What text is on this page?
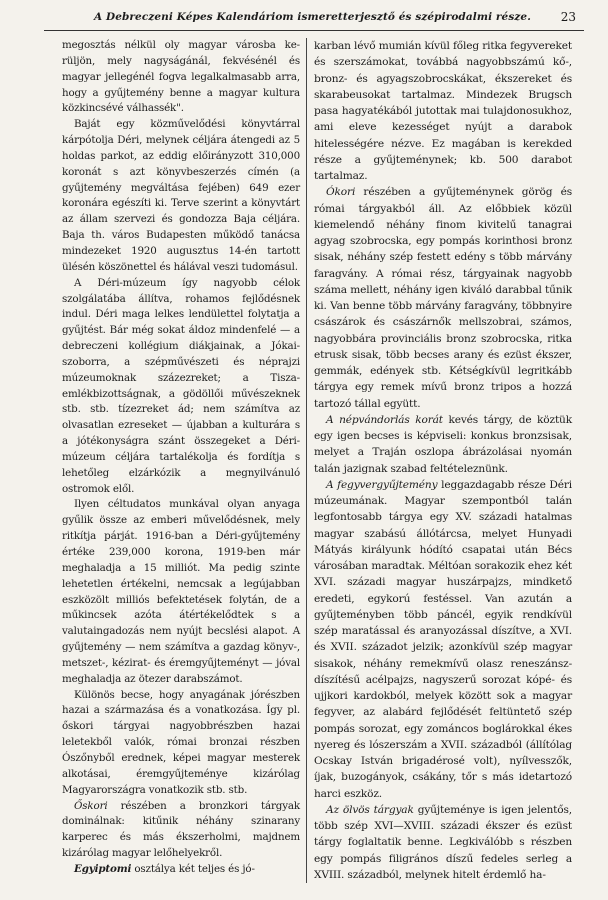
A Debreczeni Képes Kalendáriom ismeretterjesztő és szépirodalmi része. 23

megosztás nélkül oly magyar városba ke- rüljön, mely nagyságánál, fekvésénél és magyar jellegénél fogva legalkalmasabb arra, hogy a gyűjtemény benne a magyar kultura közkincsévé válhassék".

Baját egy közművelődési könyvtárral kárpótolja Déri, melynek céljára átengedi az 5 holdas parkot, az eddig előirányzott 310,000 koronát s azt könyvbeszerzés címén (a gyűjtemény megváltása fejében) 649 ezer koronára egészíti ki. Terve szerint a könyvtárt az állam szervezi és gondozza Baja céljára. Baja th. város Budapesten működő tanácsa mindezeket 1920 augusztus 14-én tartott ülésén köszönettel és hálával veszi tudomásul.

A Déri-múzeum így nagyobb célok szolgálatába állítva, rohamos fejlődésnek indul. Déri maga lelkes lendülettel folytatja a gyűjtést. Bár még sokat áldoz mindenfelé — a debreczeni kollégium diákjainak, a Jókai-szoborra, a szépművészeti és néprajzi múzeumoknak százezreket; a Tisza-emlékbizottságnak, a gödöllői művészeknek stb. stb. tízezreket ád; nem számítva az olvasatlan ezreseket — újabban a kulturára s a jótékonyságra szánt összegeket a Déri-múzeum céljára tartalékolja és fordítja s lehetőleg elzárkózik a megnyilvánuló ostromok elől.

Ilyen céltudatos munkával olyan anyaga gyűlik össze az emberi művelődésnek, mely ritkítja párját. 1916-ban a Déri-gyűjtemény értéke 239,000 korona, 1919-ben már meghaladja a 15 milliót. Ma pedig szinte lehetetlen értékelni, nemcsak a legújabban eszközölt milliós befektetések folytán, de a műkincsek azóta átértékelődtek s a valutaingadozás nem nyújt becslési alapot. A gyűjtemény — nem számítva a gazdag könyv-, metszet-, kézirat- és éremgyűjteményt — jóval meghaladja az ötezer darabszámot.

Különös becse, hogy anyagának jórészben hazai a származása és a vonatkozása. Így pl. őskori tárgyai nagyobbrészben hazai leletekből valók, római bronzai részben Ószőnyből erednek, képei magyar mesterek alkotásai, éremgyűjteménye kizárólag Magyarországra vonatkozik stb. stb.

Őskori részében a bronzkori tárgyak dominálnak: kitűnik néhány szinarany karperec és más ékszerholmi, majdnem kizárólag magyar lelőhelyekről.

Egyiptomi osztálya két teljes és jó-

karban lévő mumián kívül főleg ritka fegyvereket és szerszámokat, továbbá nagyobbszámú kő-, bronz- és agyagszobrocskákat, ékszereket és skarabeusokat tartalmaz. Mindezek Brugsch pasa hagyatékából jutottak mai tulajdonosukhoz, ami eleve kezességet nyújt a darabok hitelességére nézve. Ez magában is kerekded része a gyűjteménynek; kb. 500 darabot tartalmaz.

Ókori részében a gyűjteménynek görög és római tárgyakból áll. Az előbbiek közül kiemelendő néhány finom kivitelű tanagrai agyag szobrocska, egy pompás korinthosi bronz sisak, néhány szép festett edény s több márvány faragvány. A római rész, tárgyainak nagyobb száma mellett, néhány igen kiváló darabbal tűnik ki. Van benne több márvány faragvány, többnyire császárok és császárnők mellszobrai, számos, nagyobbára provinciális bronz szobrocska, ritka etrusk sisak, több becses arany és ezüst ékszer, gemmák, edények stb. Kétségkívül legritkább tárgya egy remek mívű bronz tripos a hozzá tartozó tállal együtt.

A népvándorlás korát kevés tárgy, de köztük egy igen becses is képviseli: konkus bronzsisak, melyet a Traján oszlopa ábrázolásai nyomán talán jazignak szabad feltételeznünk.

A fegyvergyűjtemény leggazdagabb része Déri múzeumának. Magyar szempontból talán legfontosabb tárgya egy XV. századi hatalmas magyar szabású állótárcsa, melyet Hunyadi Mátyás királyunk hódító csapatai után Bécs városában maradtak. Méltóan sorakozik ehez két XVI. századi magyar huszárpajzs, mindkető eredeti, egykorú festéssel. Van azután a gyűjteményben több páncél, egyik rendkívül szép maratással és aranyozással díszítve, a XVI. és XVII. századot jelzik; azonkívül szép magyar sisakok, néhány remekmívű olasz reneszánsz-díszítésű acélpajzs, nagyszerű sorozat kópé- és ujjkori kardokból, melyek között sok a magyar fegyver, az alabárd fejlődését feltüntető szép pompás sorozat, egy zománcos boglárokkal ékes nyereg és lószerszám a XVII. századból (állítólag Ocskay István brigadérosé volt), nyílvesszők, íjak, buzogányok, csákány, tőr s más idetartozó harci eszköz.

Az ölvös tárgyak gyűjteménye is igen jelentős, több szép XVI—XVIII. századi ékszer és ezüst tárgy foglaltatik benne. Legkiválóbb s részben egy pompás filigrános díszű fedeles serleg a XVIII. századból, melynek hitelt érdemlő ha-
